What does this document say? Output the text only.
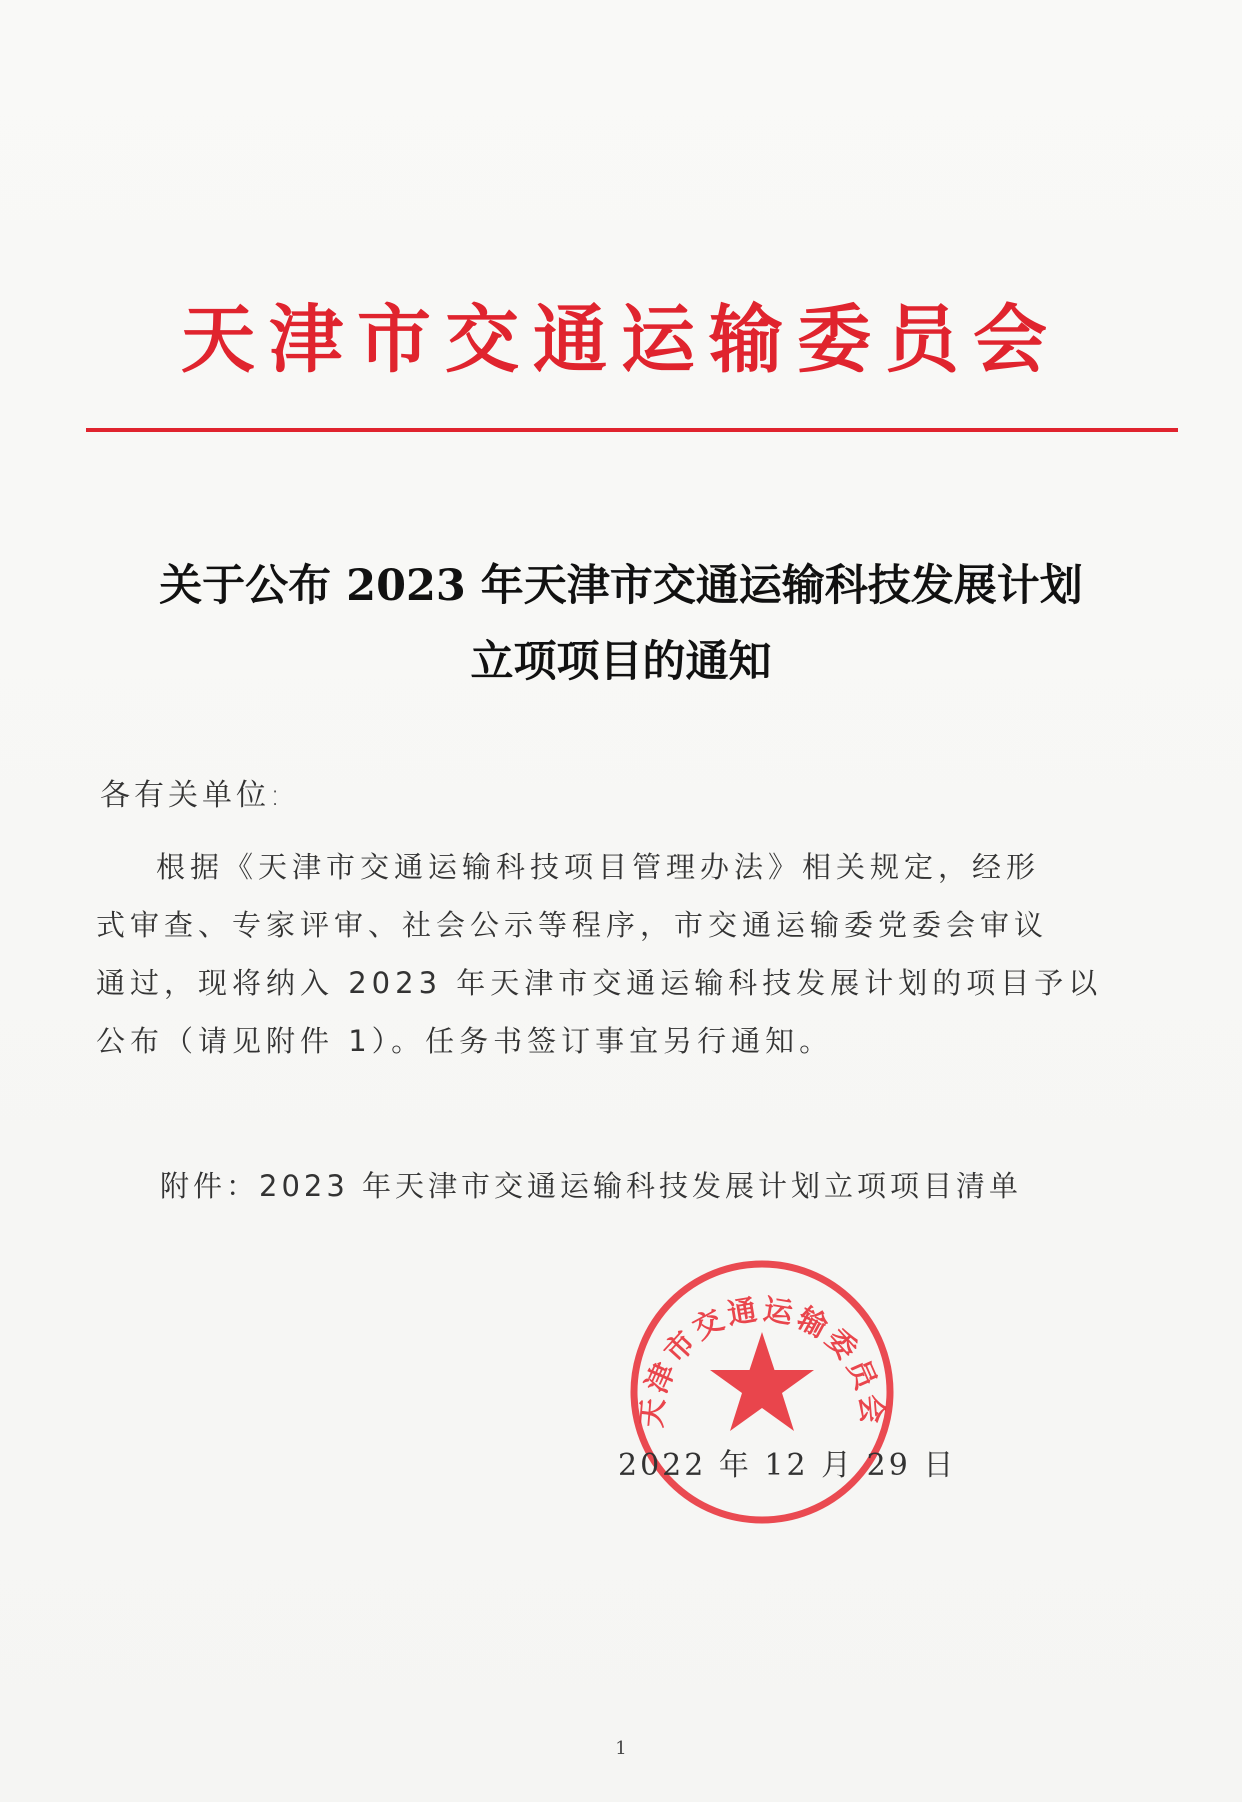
天津市交通运输委员会
关于公布 2023 年天津市交通运输科技发展计划
立项项目的通知
各有关单位:
根据《天津市交通运输科技项目管理办法》相关规定，经形
式审查、专家评审、社会公示等程序，市交通运输委党委会审议
通过，现将纳入 2023 年天津市交通运输科技发展计划的项目予以
公布（请见附件 1）。任务书签订事宜另行通知。
附件：2023 年天津市交通运输科技发展计划立项项目清单
天津市交通运输委员会
2022 年 12 月 29 日
1
